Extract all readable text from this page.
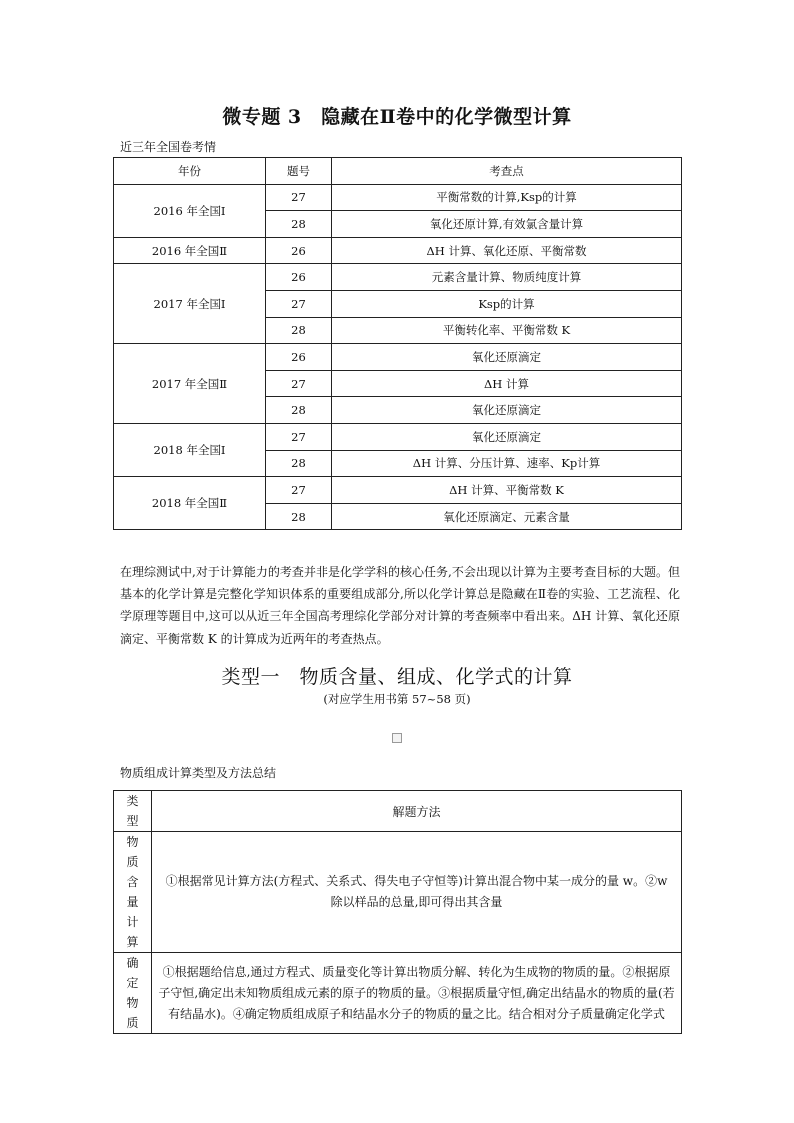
微专题 3　隐藏在Ⅱ卷中的化学微型计算
近三年全国卷考情
年份	题号	考查点
2016 年全国Ⅰ	27	平衡常数的计算,Ksp的计算
	28	氧化还原计算,有效氯含量计算
2016 年全国Ⅱ	26	ΔH 计算、氧化还原、平衡常数
2017 年全国Ⅰ	26	元素含量计算、物质纯度计算
	27	Ksp的计算
	28	平衡转化率、平衡常数 K
2017 年全国Ⅱ	26	氧化还原滴定
	27	ΔH 计算
	28	氧化还原滴定
2018 年全国Ⅰ	27	氧化还原滴定
	28	ΔH 计算、分压计算、速率、Kp计算
2018 年全国Ⅱ	27	ΔH 计算、平衡常数 K
	28	氧化还原滴定、元素含量
在理综测试中,对于计算能力的考查并非是化学学科的核心任务,不会出现以计算为主要考查目标的大题。但基本的化学计算是完整化学知识体系的重要组成部分,所以化学计算总是隐藏在Ⅱ卷的实验、工艺流程、化学原理等题目中,这可以从近三年全国高考理综化学部分对计算的考查频率中看出来。ΔH 计算、氧化还原滴定、平衡常数 K 的计算成为近两年的考查热点。
类型一　物质含量、组成、化学式的计算
(对应学生用书第 57~58 页)
物质组成计算类型及方法总结
类型	解题方法
物质含量计算	①根据常见计算方法(方程式、关系式、得失电子守恒等)计算出混合物中某一成分的量 w。②w 除以样品的总量,即可得出其含量
确定物质	①根据题给信息,通过方程式、质量变化等计算出物质分解、转化为生成物的物质的量。②根据原子守恒,确定出未知物质组成元素的原子的物质的量。③根据质量守恒,确定出结晶水的物质的量(若有结晶水)。④确定物质组成原子和结晶水分子的物质的量之比。结合相对分子质量确定化学式
